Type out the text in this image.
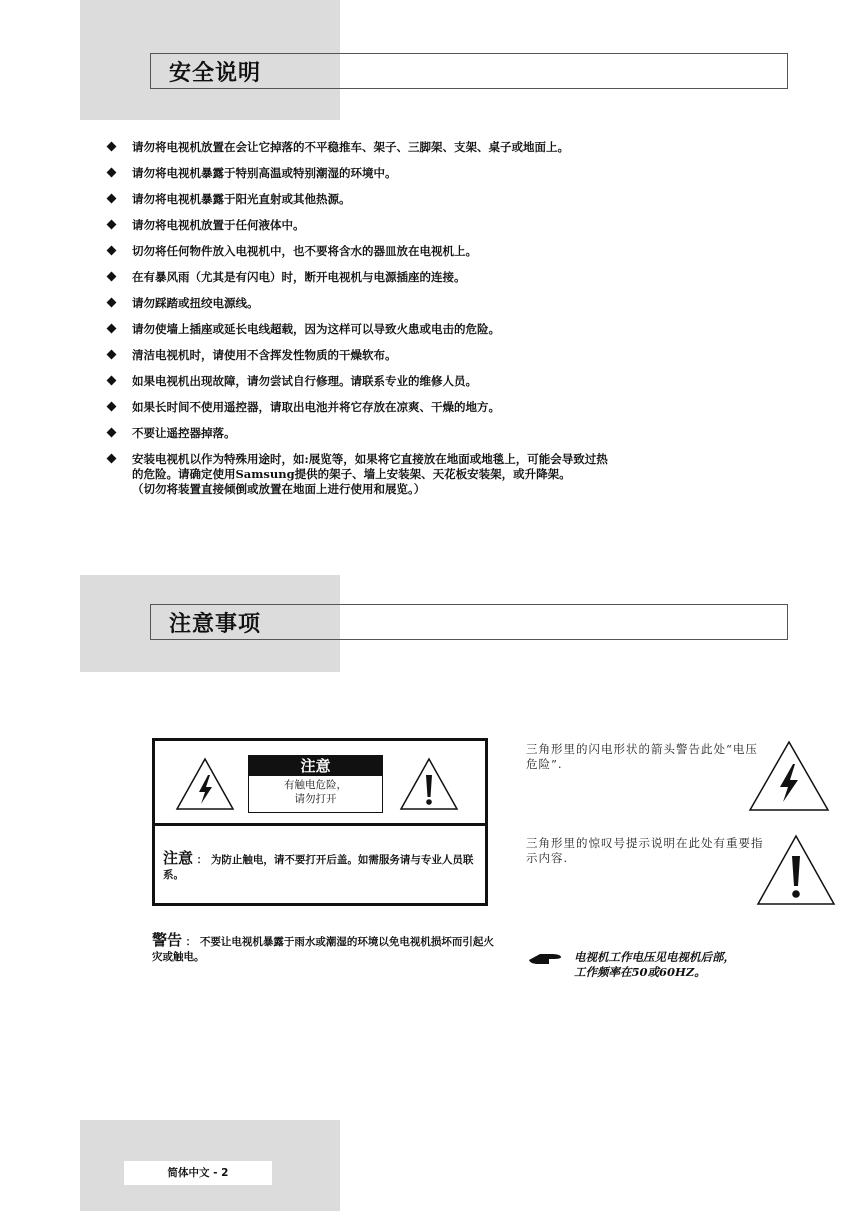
安全说明
请勿将电视机放置在会让它掉落的不平稳推车、架子、三脚架、支架、桌子或地面上。
请勿将电视机暴露于特别高温或特别潮湿的环境中。
请勿将电视机暴露于阳光直射或其他热源。
请勿将电视机放置于任何液体中。
切勿将任何物件放入电视机中，也不要将含水的器皿放在电视机上。
在有暴风雨（尤其是有闪电）时，断开电视机与电源插座的连接。
请勿踩踏或扭绞电源线。
请勿使墙上插座或延长电线超载，因为这样可以导致火患或电击的危险。
清洁电视机时，请使用不含挥发性物质的干燥软布。
如果电视机出现故障，请勿尝试自行修理。请联系专业的维修人员。
如果长时间不使用遥控器，请取出电池并将它存放在凉爽、干燥的地方。
不要让遥控器掉落。
安装电视机以作为特殊用途时，如:展览等，如果将它直接放在地面或地毯上，可能会导致过热
的危险。请确定使用Samsung提供的架子、墙上安装架、天花板安装架，或升降架。
（切勿将装置直接倾倒或放置在地面上进行使用和展览。）
注意事项
注意
有触电危险，
请勿打开
注意 ： 为防止触电，请不要打开后盖。如需服务请与专业人员联系。
警告 ： 不要让电视机暴露于雨水或潮湿的环境以免电视机损坏而引起火灾或触电。
三角形里的闪电形状的箭头警告此处“电压危险”.
三角形里的惊叹号提示说明在此处有重要指示内容.
电视机工作电压见电视机后部，
工作频率在50或60HZ。
简体中文 - 2
